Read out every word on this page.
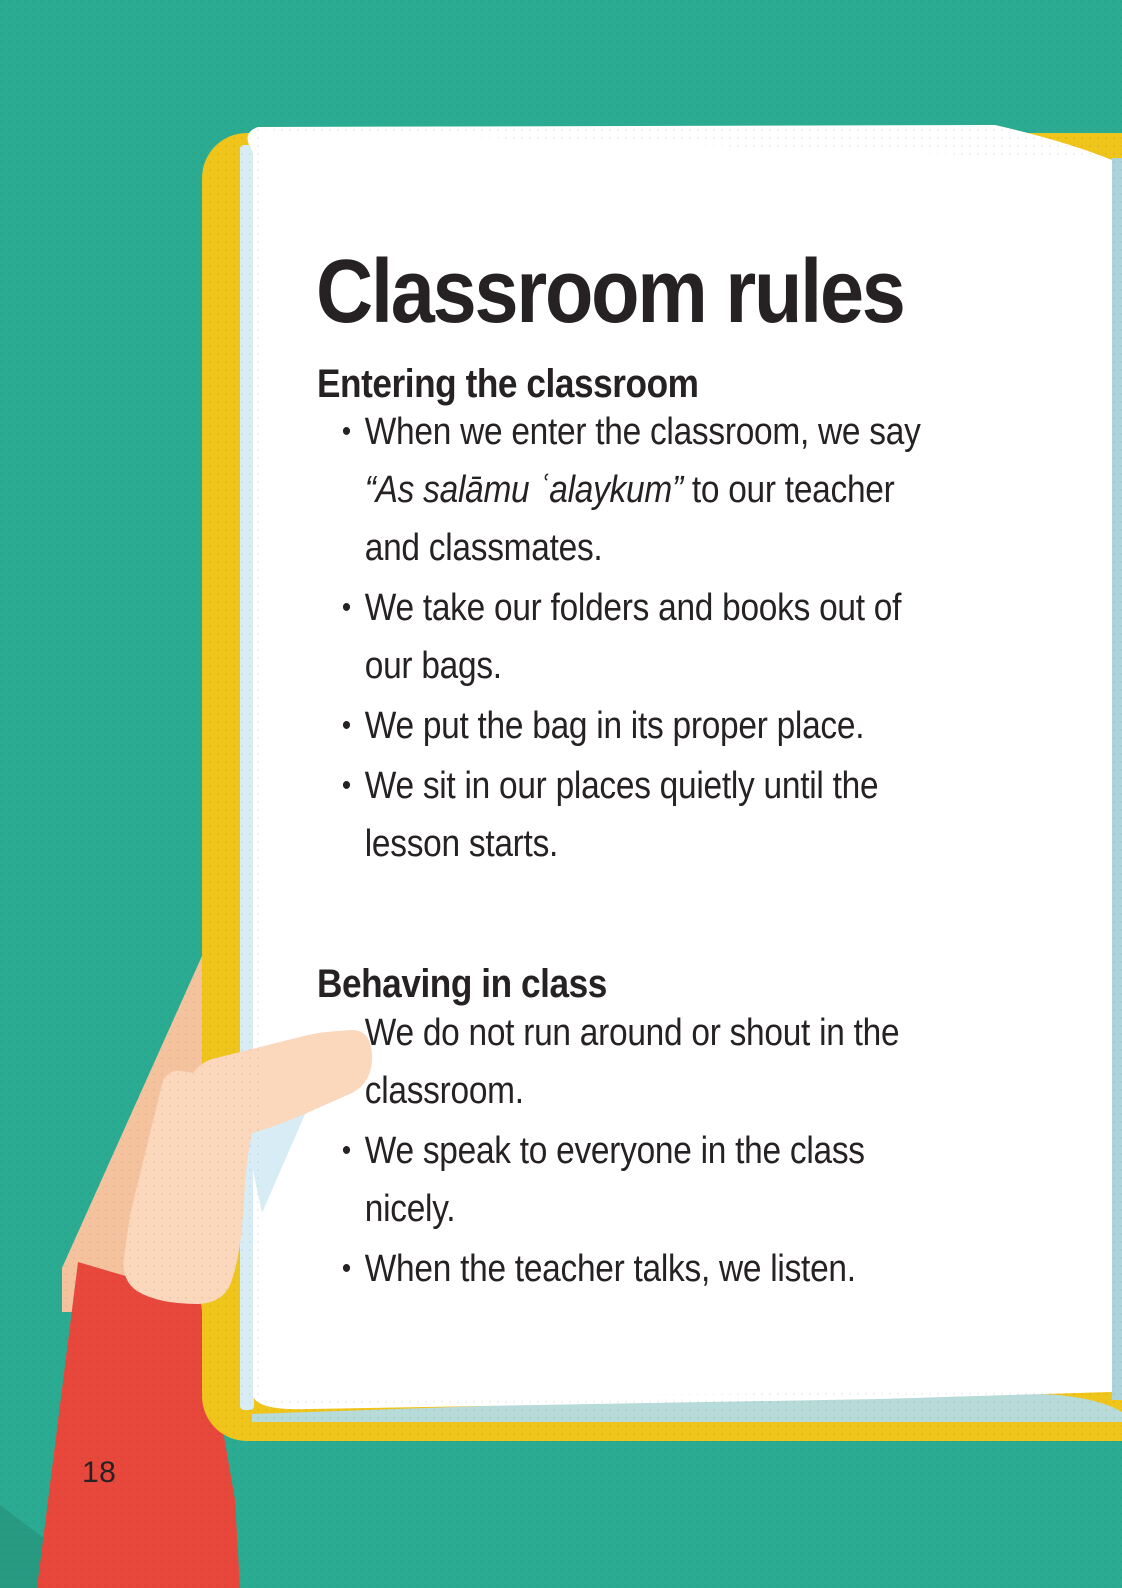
Classroom rules
Entering the classroom
• When we enter the classroom, we say
“As salāmu ʿalaykum” to our teacher
and classmates.
• We take our folders and books out of
our bags.
• We put the bag in its proper place.
• We sit in our places quietly until the
lesson starts.
Behaving in class
We do not run around or shout in the
classroom.
• We speak to everyone in the class
nicely.
• When the teacher talks, we listen.
18
